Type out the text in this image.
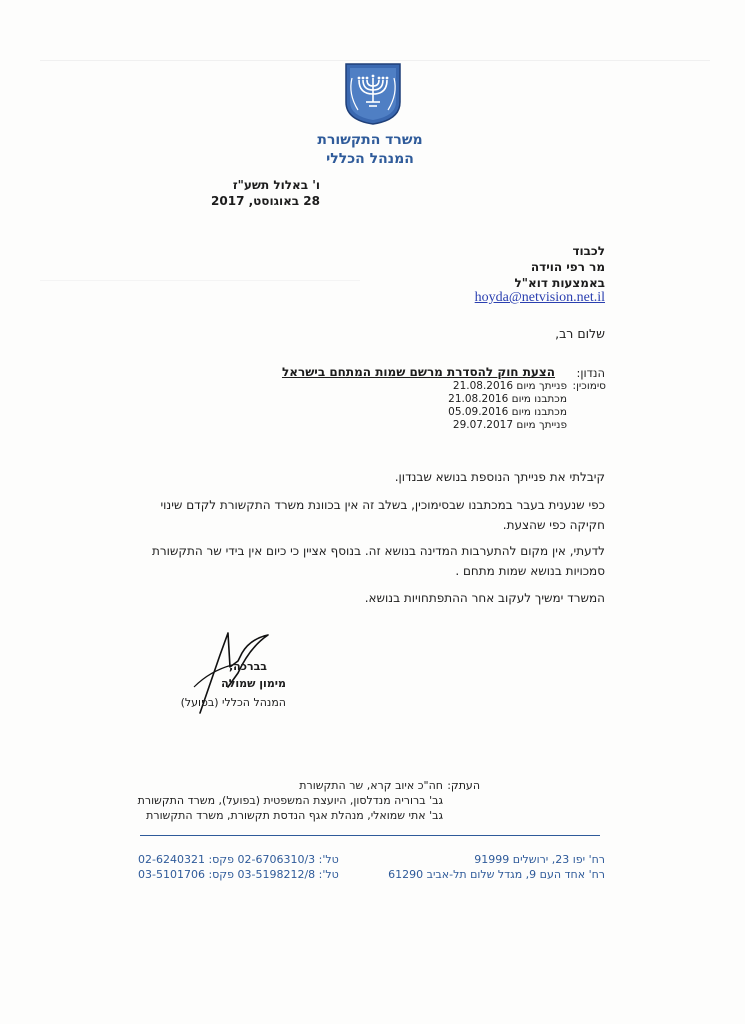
משרד התקשורת
המנהל הכללי
ו' באלול תשע"ז
28 באוגוסט, 2017
לכבוד
מר רפי הוידה
באמצעות דוא"ל
hoyda@netvision.net.il
שלום רב,
הנדון:
הצעת חוק להסדרת מרשם שמות המתחם בישראל
סימוכין:
פנייתך מיום 21.08.2016
מכתבנו מיום 21.08.2016
מכתבנו מיום 05.09.2016
פנייתך מיום 29.07.2017
קיבלתי את פנייתך הנוספת בנושא שבנדון.
כפי שנענית בעבר במכתבנו שבסימוכין, בשלב זה אין בכוונת משרד התקשורת לקדם שינוי חקיקה כפי שהצעת.
לדעתי, אין מקום להתערבות המדינה בנושא זה. בנוסף אציין כי כיום אין בידי שר התקשורת סמכויות בנושא שמות מתחם .
המשרד ימשיך לעקוב אחר ההתפתחויות בנושא.
בברכה,
מימון שמולה
המנהל הכללי (בפועל)
העתק:
חה"כ איוב קרא, שר התקשורת
גב' ברוריה מנדלסון, היועצת המשפטית (בפועל), משרד התקשורת
גב' אתי שמואלי, מנהלת אגף הנדסת תקשורת, משרד התקשורת
רח' יפו 23, ירושלים 91999
רח' אחד העם 9, מגדל שלום תל-אביב 61290
טל': 02-6706310/3 פקס: 02-6240321
טל': 03-5198212/8 פקס: 03-5101706
